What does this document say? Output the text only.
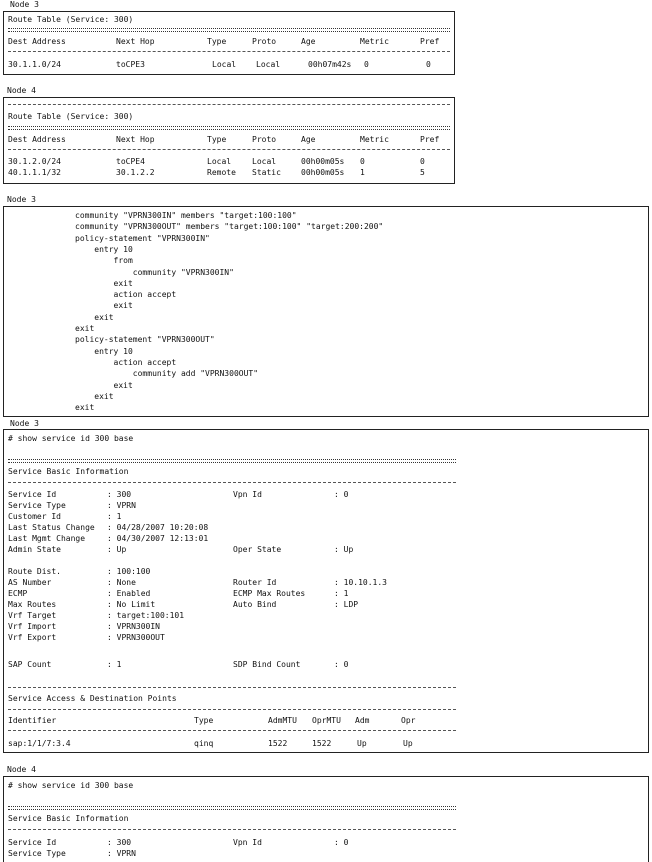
Node 3
Route Table (Service: 300)
Dest Address	Next Hop	Type	Proto	Age	Metric	Pref
30.1.1.0/24	toCPE3	Local Local	00h07m42s 0	0
Node 4
Route Table (Service: 300)
Dest Address	Next Hop	Type	Proto	Age	Metric	Pref
30.1.2.0/24	toCPE4	Local	Local	00h00m05s 0	0
40.1.1.1/32	30.1.2.2	Remote Static	00h00m05s 1	5
Node 3
community "VPRN300IN" members "target:100:100"
community "VPRN300OUT" members "target:100:100" "target:200:200"
policy-statement "VPRN300IN"
entry 10
from
community "VPRN300IN"
exit
action accept
exit
exit
exit
policy-statement "VPRN300OUT"
entry 10
action accept
community add "VPRN300OUT"
exit
exit
exit
Node 3
# show service id 300 base
Service Basic Information
Service Id	: 300	Vpn Id	: 0
Service Type	: VPRN
Customer Id	: 1
Last Status Change : 04/28/2007 10:20:08
Last Mgmt Change	: 04/30/2007 12:13:01
Admin State	: Up	Oper State	: Up
Route Dist.	: 100:100
AS Number	: None	Router Id	: 10.10.1.3
ECMP	: Enabled	ECMP Max Routes	: 1
Max Routes	: No Limit	Auto Bind	: LDP
Vrf Target	: target:100:101
Vrf Import	: VPRN300IN
Vrf Export	: VPRN300OUT
SAP Count	: 1	SDP Bind Count	: 0
Service Access & Destination Points
Identifier	Type	AdmMTU OprMTU Adm	Opr
sap:1/1/7:3.4	qinq	1522	1522	Up	Up
Node 4
# show service id 300 base
Service Basic Information
Service Id	: 300	Vpn Id	: 0
Service Type	: VPRN
